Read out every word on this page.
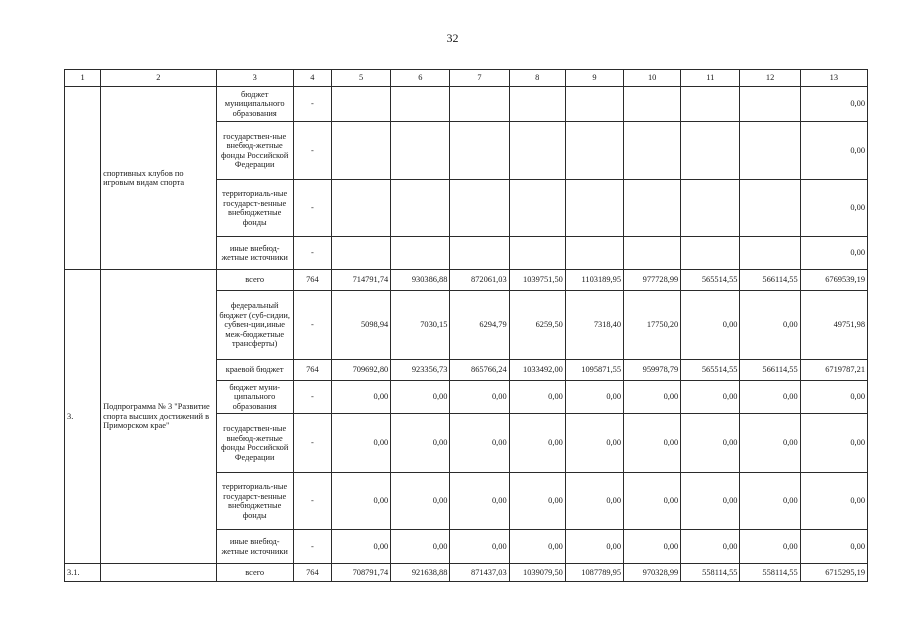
32
1	2	3	4	5	6	7	8	9	10	11	12	13
	спортивных клубов по игровым видам спорта	бюджет муниципального образования	-									0,00
		государствен-ные внебюд-жетные фонды Российской Федерации	-									0,00
		территориаль-ные государст-венные внебюджетные фонды	-									0,00
		иные внебюд-жетные источники	-									0,00
3.	Подпрограмма № 3 "Развитие спорта высших достижений в Приморском крае"	всего	764	714791,74	930386,88	872061,03	1039751,50	1103189,95	977728,99	565514,55	566114,55	6769539,19
		федеральный бюджет (суб-сидии, субвен-ции,иные меж-бюджетные трансферты)	-	5098,94	7030,15	6294,79	6259,50	7318,40	17750,20	0,00	0,00	49751,98
		краевой бюджет	764	709692,80	923356,73	865766,24	1033492,00	1095871,55	959978,79	565514,55	566114,55	6719787,21
		бюджет муни-ципального образования	-	0,00	0,00	0,00	0,00	0,00	0,00	0,00	0,00	0,00
		государствен-ные внебюд-жетные фонды Российской Федерации	-	0,00	0,00	0,00	0,00	0,00	0,00	0,00	0,00	0,00
		территориаль-ные государст-венные внебюджетные фонды	-	0,00	0,00	0,00	0,00	0,00	0,00	0,00	0,00	0,00
		иные внебюд-жетные источники	-	0,00	0,00	0,00	0,00	0,00	0,00	0,00	0,00	0,00
3.1.		всего	764	708791,74	921638,88	871437,03	1039079,50	1087789,95	970328,99	558114,55	558114,55	6715295,19
